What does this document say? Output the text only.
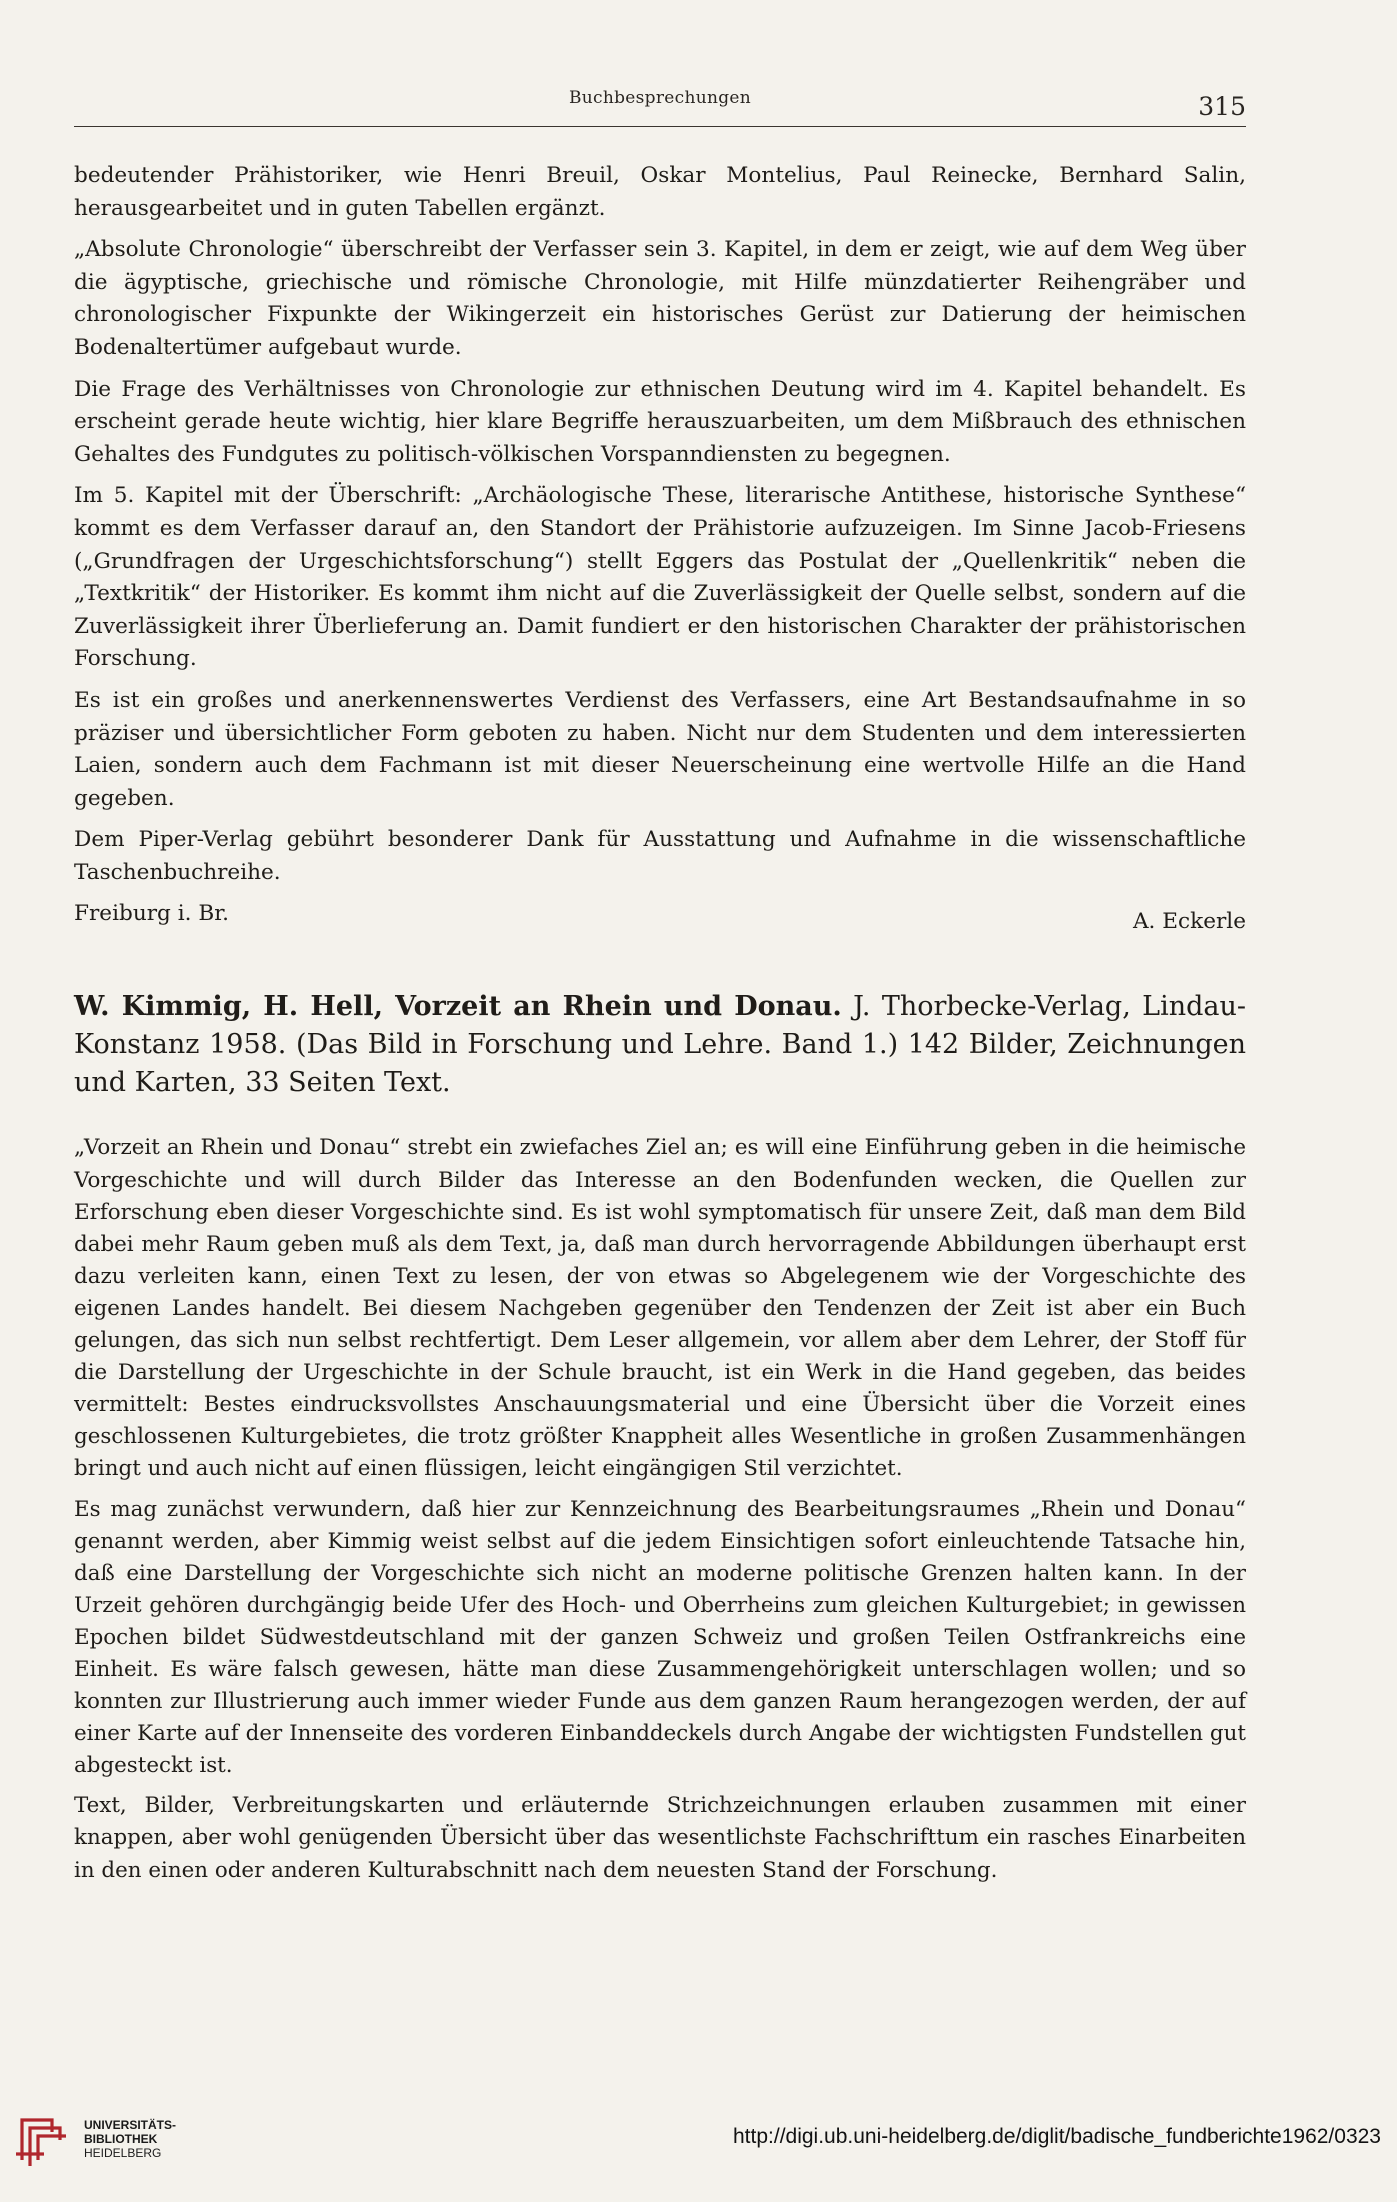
Buchbesprechungen	315

bedeutender Prähistoriker, wie Henri Breuil, Oskar Montelius, Paul Reinecke, Bernhard Salin, herausgearbeitet und in guten Tabellen ergänzt.

„Absolute Chronologie“ überschreibt der Verfasser sein 3. Kapitel, in dem er zeigt, wie auf dem Weg über die ägyptische, griechische und römische Chronologie, mit Hilfe münzdatierter Reihengräber und chronologischer Fixpunkte der Wikingerzeit ein historisches Gerüst zur Datierung der heimischen Bodenaltertümer aufgebaut wurde.

Die Frage des Verhältnisses von Chronologie zur ethnischen Deutung wird im 4. Kapitel behandelt. Es erscheint gerade heute wichtig, hier klare Begriffe herauszuarbeiten, um dem Mißbrauch des ethnischen Gehaltes des Fundgutes zu politisch-völkischen Vorspanndiensten zu begegnen.

Im 5. Kapitel mit der Überschrift: „Archäologische These, literarische Antithese, historische Synthese“ kommt es dem Verfasser darauf an, den Standort der Prähistorie aufzuzeigen. Im Sinne Jacob-Friesens („Grundfragen der Urgeschichtsforschung“) stellt Eggers das Postulat der „Quellenkritik“ neben die „Textkritik“ der Historiker. Es kommt ihm nicht auf die Zuverlässigkeit der Quelle selbst, sondern auf die Zuverlässigkeit ihrer Überlieferung an. Damit fundiert er den historischen Charakter der prähistorischen Forschung.

Es ist ein großes und anerkennenswertes Verdienst des Verfassers, eine Art Bestandsaufnahme in so präziser und übersichtlicher Form geboten zu haben. Nicht nur dem Studenten und dem interessierten Laien, sondern auch dem Fachmann ist mit dieser Neuerscheinung eine wertvolle Hilfe an die Hand gegeben.

Dem Piper-Verlag gebührt besonderer Dank für Ausstattung und Aufnahme in die wissenschaftliche Taschenbuchreihe.

Freiburg i. Br.	A. Eckerle
W. Kimmig, H. Hell, Vorzeit an Rhein und Donau. J. Thorbecke-Verlag, Lindau-Konstanz 1958. (Das Bild in Forschung und Lehre. Band 1.) 142 Bilder, Zeichnungen und Karten, 33 Seiten Text.

„Vorzeit an Rhein und Donau“ strebt ein zwiefaches Ziel an; es will eine Einführung geben in die heimische Vorgeschichte und will durch Bilder das Interesse an den Bodenfunden wecken, die Quellen zur Erforschung eben dieser Vorgeschichte sind. Es ist wohl symptomatisch für unsere Zeit, daß man dem Bild dabei mehr Raum geben muß als dem Text, ja, daß man durch hervorragende Abbildungen überhaupt erst dazu verleiten kann, einen Text zu lesen, der von etwas so Abgelegenem wie der Vorgeschichte des eigenen Landes handelt. Bei diesem Nachgeben gegenüber den Tendenzen der Zeit ist aber ein Buch gelungen, das sich nun selbst rechtfertigt. Dem Leser allgemein, vor allem aber dem Lehrer, der Stoff für die Darstellung der Urgeschichte in der Schule braucht, ist ein Werk in die Hand gegeben, das beides vermittelt: Bestes eindrucksvollstes Anschauungsmaterial und eine Übersicht über die Vorzeit eines geschlossenen Kulturgebietes, die trotz größter Knappheit alles Wesentliche in großen Zusammenhängen bringt und auch nicht auf einen flüssigen, leicht eingängigen Stil verzichtet.

Es mag zunächst verwundern, daß hier zur Kennzeichnung des Bearbeitungsraumes „Rhein und Donau“ genannt werden, aber Kimmig weist selbst auf die jedem Einsichtigen sofort einleuchtende Tatsache hin, daß eine Darstellung der Vorgeschichte sich nicht an moderne politische Grenzen halten kann. In der Urzeit gehören durchgängig beide Ufer des Hoch- und Oberrheins zum gleichen Kulturgebiet; in gewissen Epochen bildet Südwestdeutschland mit der ganzen Schweiz und großen Teilen Ostfrankreichs eine Einheit. Es wäre falsch gewesen, hätte man diese Zusammengehörigkeit unterschlagen wollen; und so konnten zur Illustrierung auch immer wieder Funde aus dem ganzen Raum herangezogen werden, der auf einer Karte auf der Innenseite des vorderen Einbanddeckels durch Angabe der wichtigsten Fundstellen gut abgesteckt ist.

Text, Bilder, Verbreitungskarten und erläuternde Strichzeichnungen erlauben zusammen mit einer knappen, aber wohl genügenden Übersicht über das wesentlichste Fachschrifttum ein rasches Einarbeiten in den einen oder anderen Kulturabschnitt nach dem neuesten Stand der Forschung.

UNIVERSITÄTS-
BIBLIOTHEK
HEIDELBERG
http://digi.ub.uni-heidelberg.de/diglit/badische_fundberichte1962/0323
